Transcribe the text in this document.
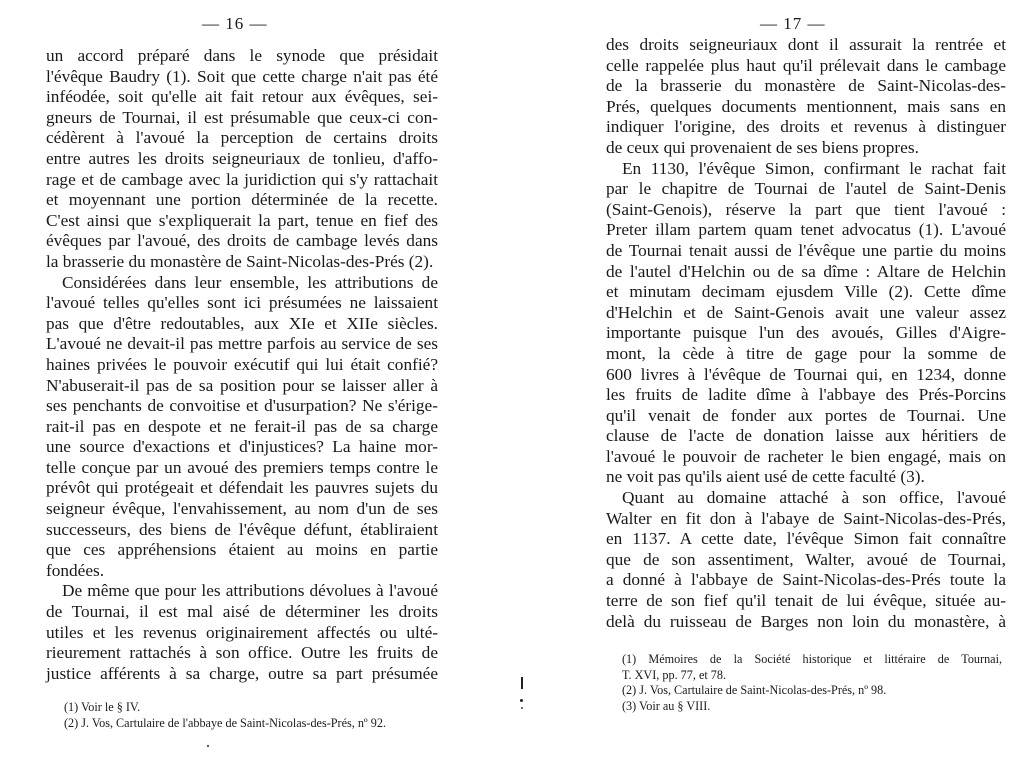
— 16 —
un accord préparé dans le synode que présidait
l'évêque Baudry (1). Soit que cette charge n'ait pas été
inféodée, soit qu'elle ait fait retour aux évêques, sei-
gneurs de Tournai, il est présumable que ceux-ci con-
cédèrent à l'avoué la perception de certains droits
entre autres les droits seigneuriaux de tonlieu, d'affo-
rage et de cambage avec la juridiction qui s'y rattachait
et moyennant une portion déterminée de la recette.
C'est ainsi que s'expliquerait la part, tenue en fief des
évêques par l'avoué, des droits de cambage levés dans
la brasserie du monastère de Saint-Nicolas-des-Prés (2).
Considérées dans leur ensemble, les attributions de
l'avoué telles qu'elles sont ici présumées ne laissaient
pas que d'être redoutables, aux XIe et XIIe siècles.
L'avoué ne devait-il pas mettre parfois au service de ses
haines privées le pouvoir exécutif qui lui était confié?
N'abuserait-il pas de sa position pour se laisser aller à
ses penchants de convoitise et d'usurpation? Ne s'érige-
rait-il pas en despote et ne ferait-il pas de sa charge
une source d'exactions et d'injustices? La haine mor-
telle conçue par un avoué des premiers temps contre le
prévôt qui protégeait et défendait les pauvres sujets du
seigneur évêque, l'envahissement, au nom d'un de ses
successeurs, des biens de l'évêque défunt, établiraient
que ces appréhensions étaient au moins en partie
fondées.
De même que pour les attributions dévolues à l'avoué
de Tournai, il est mal aisé de déterminer les droits
utiles et les revenus originairement affectés ou ulté-
rieurement rattachés à son office. Outre les fruits de
justice afférents à sa charge, outre sa part présumée
(1) Voir le § IV.
(2) J. Vos, Cartulaire de l'abbaye de Saint-Nicolas-des-Prés, nº 92.
— 17 —
des droits seigneuriaux dont il assurait la rentrée et
celle rappelée plus haut qu'il prélevait dans le cambage
de la brasserie du monastère de Saint-Nicolas-des-
Prés, quelques documents mentionnent, mais sans en
indiquer l'origine, des droits et revenus à distinguer
de ceux qui provenaient de ses biens propres.
En 1130, l'évêque Simon, confirmant le rachat fait
par le chapitre de Tournai de l'autel de Saint-Denis
(Saint-Genois), réserve la part que tient l'avoué :
Preter illam partem quam tenet advocatus (1). L'avoué
de Tournai tenait aussi de l'évêque une partie du moins
de l'autel d'Helchin ou de sa dîme : Altare de Helchin
et minutam decimam ejusdem Ville (2). Cette dîme
d'Helchin et de Saint-Genois avait une valeur assez
importante puisque l'un des avoués, Gilles d'Aigre-
mont, la cède à titre de gage pour la somme de
600 livres à l'évêque de Tournai qui, en 1234, donne
les fruits de ladite dîme à l'abbaye des Prés-Porcins
qu'il venait de fonder aux portes de Tournai. Une
clause de l'acte de donation laisse aux héritiers de
l'avoué le pouvoir de racheter le bien engagé, mais on
ne voit pas qu'ils aient usé de cette faculté (3).
Quant au domaine attaché à son office, l'avoué
Walter en fit don à l'abaye de Saint-Nicolas-des-Prés,
en 1137. A cette date, l'évêque Simon fait connaître
que de son assentiment, Walter, avoué de Tournai,
a donné à l'abbaye de Saint-Nicolas-des-Prés toute la
terre de son fief qu'il tenait de lui évêque, située au-
delà du ruisseau de Barges non loin du monastère, à
(1) Mémoires de la Société historique et littéraire de Tournai,
T. XVI, pp. 77, et 78.
(2) J. Vos, Cartulaire de Saint-Nicolas-des-Prés, nº 98.
(3) Voir au § VIII.
